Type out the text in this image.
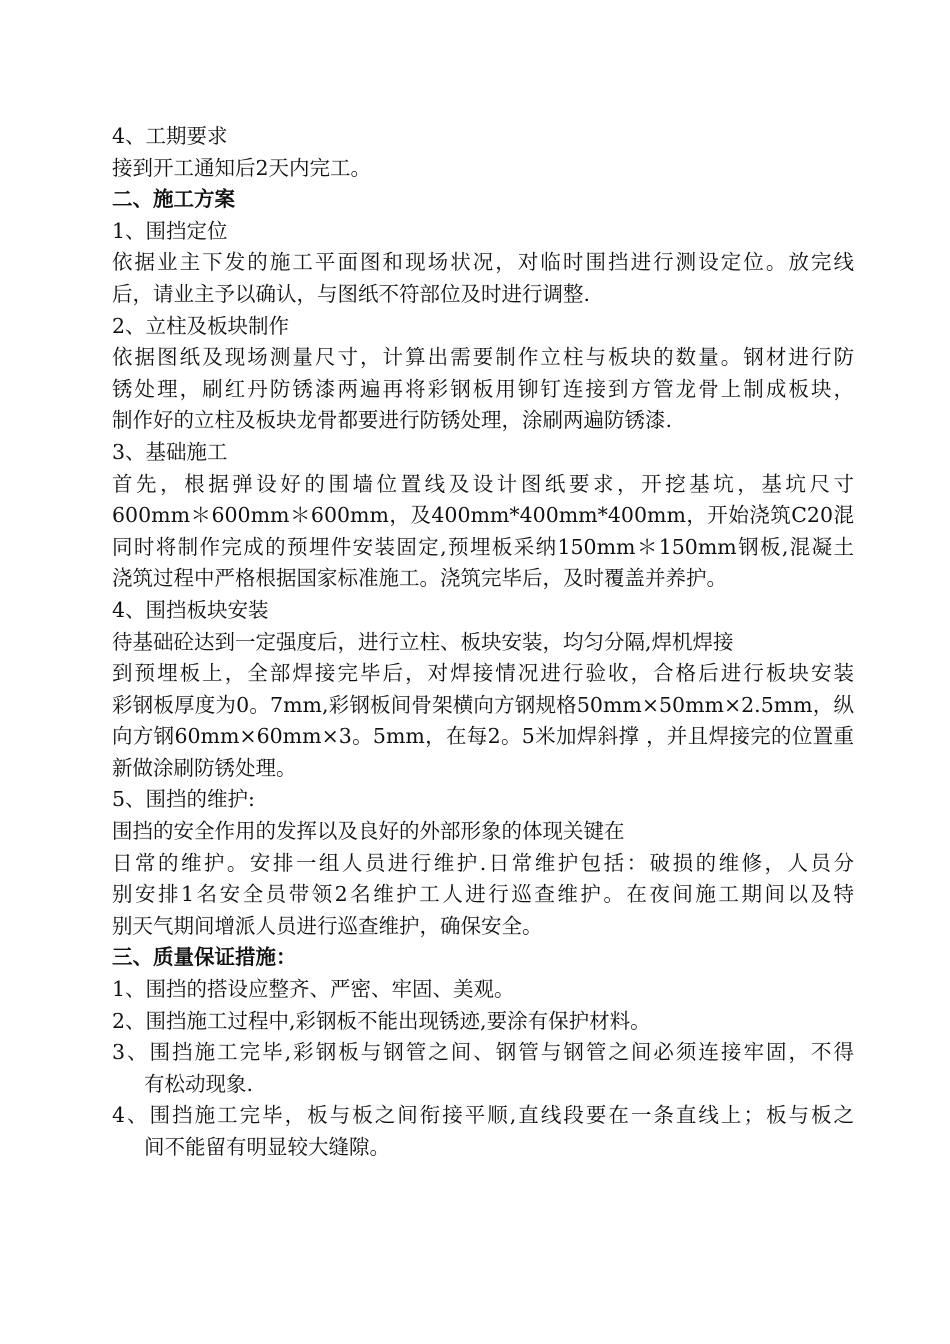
4、工期要求
接到开工通知后2天内完工。
二、施工方案
1、围挡定位
依据业主下发的施工平面图和现场状况，对临时围挡进行测设定位。放完线
后，请业主予以确认，与图纸不符部位及时进行调整.
2、立柱及板块制作
依据图纸及现场测量尺寸，计算出需要制作立柱与板块的数量。钢材进行防
锈处理，刷红丹防锈漆两遍再将彩钢板用铆钉连接到方管龙骨上制成板块，
制作好的立柱及板块龙骨都要进行防锈处理，涂刷两遍防锈漆.
3、基础施工
首先，根据弹设好的围墙位置线及设计图纸要求，开挖基坑，基坑尺寸
600mm＊600mm＊600mm，及400mm*400mm*400mm，开始浇筑C20混
同时将制作完成的预埋件安装固定,预埋板采纳150mm＊150mm钢板,混凝土
浇筑过程中严格根据国家标准施工。浇筑完毕后，及时覆盖并养护。
4、围挡板块安装
待基础砼达到一定强度后，进行立柱、板块安装，均匀分隔,焊机焊接
到预埋板上，全部焊接完毕后，对焊接情况进行验收，合格后进行板块安装
彩钢板厚度为0。7mm,彩钢板间骨架横向方钢规格50mm×50mm×2.5mm，纵
向方钢60mm×60mm×3。5mm，在每2。5米加焊斜撑 ，并且焊接完的位置重
新做涂刷防锈处理。
5、围挡的维护:
围挡的安全作用的发挥以及良好的外部形象的体现关键在
日常的维护。安排一组人员进行维护.日常维护包括：破损的维修，人员分
别安排1名安全员带领2名维护工人进行巡查维护。在夜间施工期间以及特
别天气期间增派人员进行巡查维护，确保安全。
三、质量保证措施：
1、围挡的搭设应整齐、严密、牢固、美观。
2、围挡施工过程中,彩钢板不能出现锈迹,要涂有保护材料。
3、围挡施工完毕,彩钢板与钢管之间、钢管与钢管之间必须连接牢固，不得
有松动现象.
4、围挡施工完毕，板与板之间衔接平顺,直线段要在一条直线上；板与板之
间不能留有明显较大缝隙。
